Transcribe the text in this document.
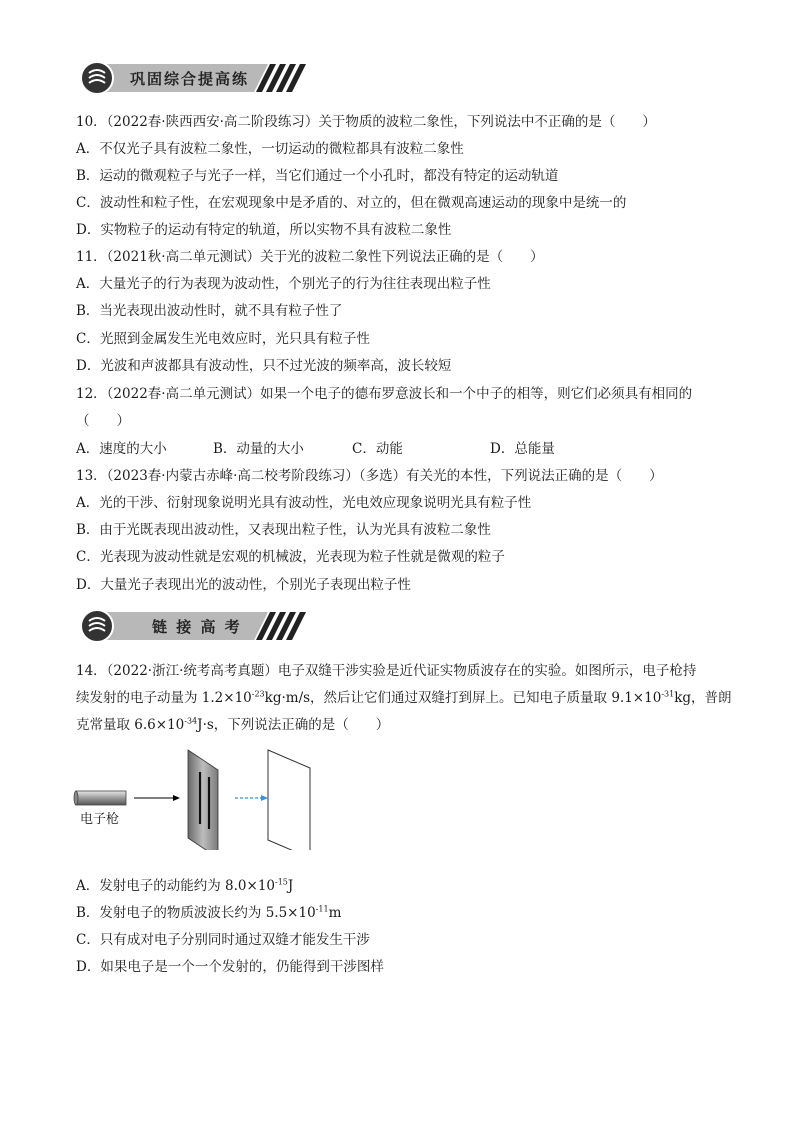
巩固综合提高练
10．（2022春·陕西西安·高二阶段练习）关于物质的波粒二象性，下列说法中不正确的是（　　）
A．不仅光子具有波粒二象性，一切运动的微粒都具有波粒二象性
B．运动的微观粒子与光子一样，当它们通过一个小孔时，都没有特定的运动轨道
C．波动性和粒子性，在宏观现象中是矛盾的、对立的，但在微观高速运动的现象中是统一的
D．实物粒子的运动有特定的轨道，所以实物不具有波粒二象性
11．（2021秋·高二单元测试）关于光的波粒二象性下列说法正确的是（　　）
A．大量光子的行为表现为波动性，个别光子的行为往往表现出粒子性
B．当光表现出波动性时，就不具有粒子性了
C．光照到金属发生光电效应时，光只具有粒子性
D．光波和声波都具有波动性，只不过光波的频率高，波长较短
12．（2022春·高二单元测试）如果一个电子的德布罗意波长和一个中子的相等，则它们必须具有相同的
（　　）
A．速度的大小	B．动量的大小	C．动能	D．总能量
13．（2023春·内蒙古赤峰·高二校考阶段练习）（多选）有关光的本性，下列说法正确的是（　　）
A．光的干涉、衍射现象说明光具有波动性，光电效应现象说明光具有粒子性
B．由于光既表现出波动性，又表现出粒子性，认为光具有波粒二象性
C．光表现为波动性就是宏观的机械波，光表现为粒子性就是微观的粒子
D．大量光子表现出光的波动性，个别光子表现出粒子性
链 接 高 考
14．（2022·浙江·统考高考真题）电子双缝干涉实验是近代证实物质波存在的实验。如图所示，电子枪持
续发射的电子动量为 $1.2\times 10^{-23}kg\cdot m/s$，然后让它们通过双缝打到屏上。已知电子质量取 $9.1\times 10^{-31}kg$，普朗
克常量取 $6.6\times 10^{-34}J\cdot s$，下列说法正确的是（　　）
电子枪
A．发射电子的动能约为 $8.0\times 10^{-15}J$
B．发射电子的物质波波长约为 $5.5\times 10^{-11}m$
C．只有成对电子分别同时通过双缝才能发生干涉
D．如果电子是一个一个发射的，仍能得到干涉图样
